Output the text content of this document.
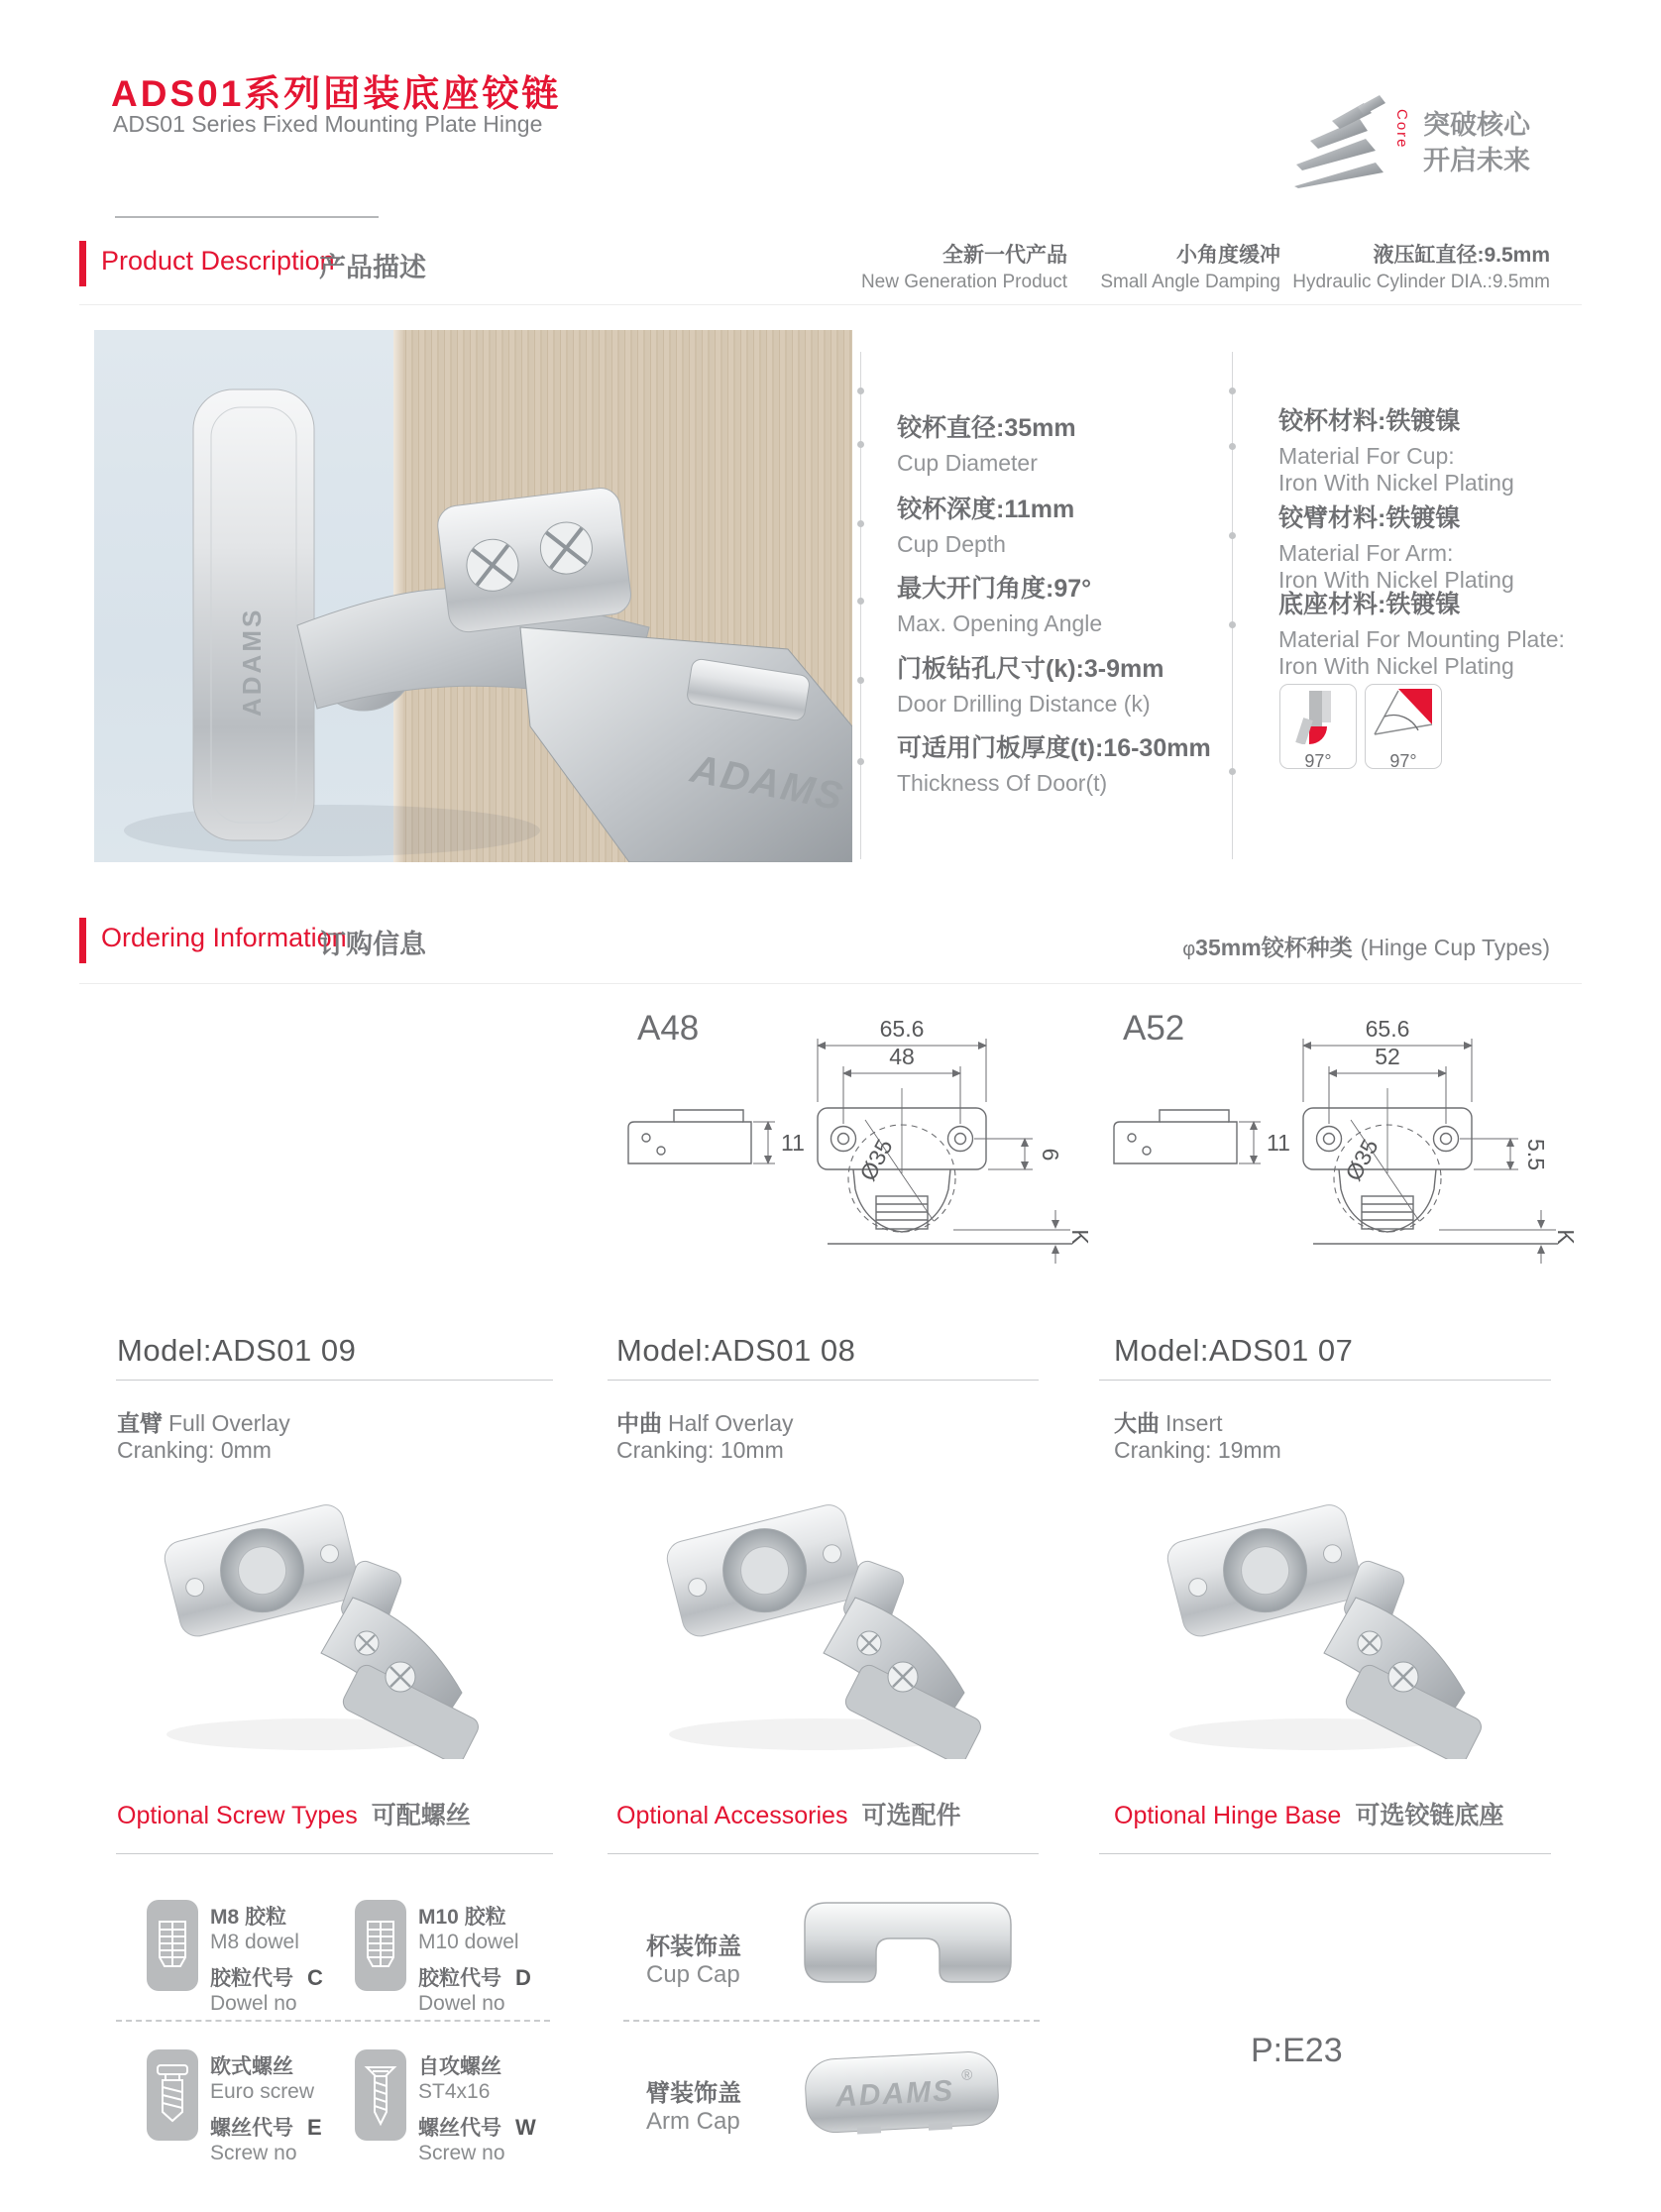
ADS01系列固装底座铰链
ADS01 Series Fixed Mounting Plate Hinge	Core 突破核心
开启未来
Product Description
产品描述	全新一代产品
New Generation Product
小角度缓冲
Small Angle Damping
液压缸直径:9.5mm
Hydraulic Cylinder DIA.:9.5mm
ADAMS
ADAMS
铰杯直径:35mm
Cup Diameter
铰杯深度:11mm
Cup Depth
最大开门角度:97°
Max. Opening Angle
门板钻孔尺寸(k):3-9mm
Door Drilling Distance (k)
可适用门板厚度(t):16-30mm
Thickness Of Door(t)
铰杯材料:铁镀镍
Material For Cup:
Iron With Nickel Plating
铰臂材料:铁镀镍
Material For Arm:
Iron With Nickel Plating
底座材料:铁镀镍
Material For Mounting Plate:
Iron With Nickel Plating
97°	97°
Ordering Information
订购信息	φ35mm铰杯种类 (Hinge Cup Types)
A48	65.6
48
11 Ø35	6
K
A52	65.6
52
11 Ø35	5.5
K
Model:ADS01 09
直臂 Full Overlay
Cranking: 0mm
Model:ADS01 08
中曲 Half Overlay
Cranking: 10mm
Model:ADS01 07
大曲 Insert
Cranking: 19mm
Optional Screw Types 可配螺丝	Optional Accessories 可选配件	Optional Hinge Base 可选铰链底座
M8 胶粒
M8 dowel
胶粒代号 C
Dowel no
M10 胶粒
M10 dowel
胶粒代号 D
Dowel no
欧式螺丝
Euro screw
螺丝代号 E
Screw no
自攻螺丝
ST4x16
螺丝代号 W
Screw no
杯装饰盖
Cup Cap
臂装饰盖
Arm Cap
ADAMS ®
P:E23
